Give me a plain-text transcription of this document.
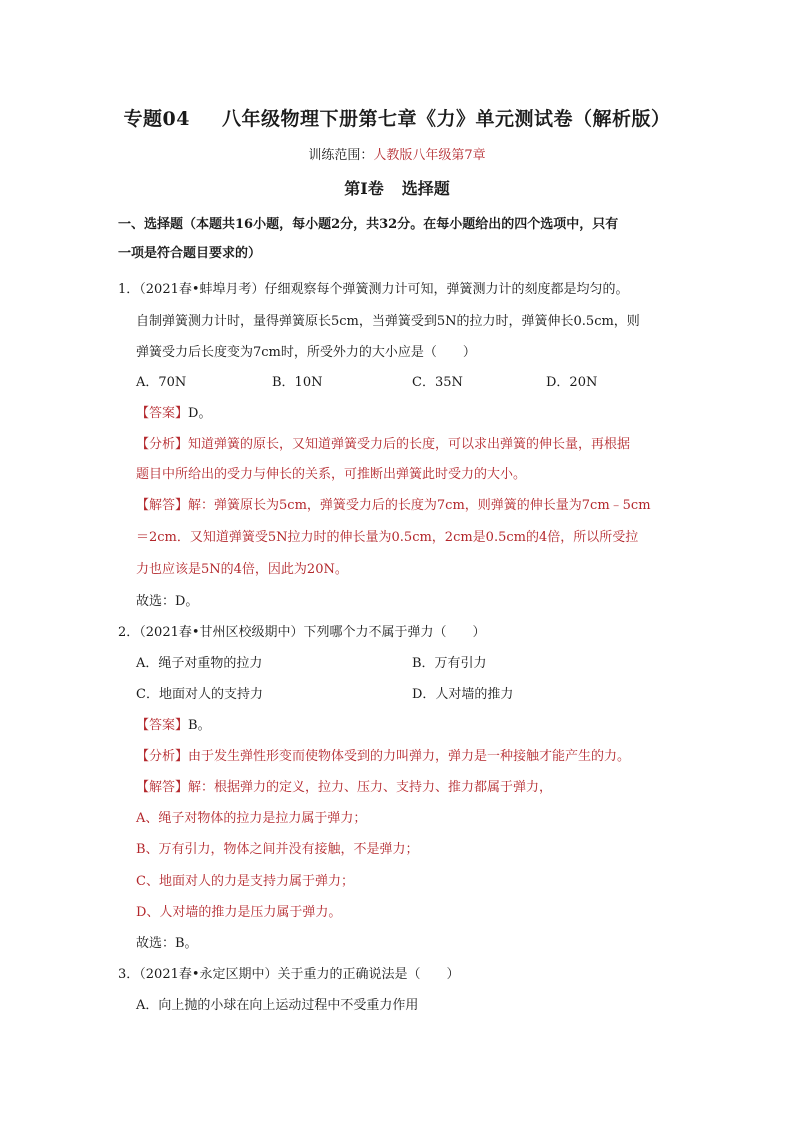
专题04 八年级物理下册第七章《力》单元测试卷（解析版）
训练范围：人教版八年级第7章
第Ⅰ卷 选择题
一、选择题（本题共16小题，每小题2分，共32分。在每小题给出的四个选项中，只有
一项是符合题目要求的）
1．（2021春•蚌埠月考）仔细观察每个弹簧测力计可知，弹簧测力计的刻度都是均匀的。
自制弹簧测力计时，量得弹簧原长5cm，当弹簧受到5N的拉力时，弹簧伸长0.5cm，则
弹簧受力后长度变为7cm时，所受外力的大小应是（　　）
A．70N	B．10N	C．35N	D．20N
【答案】D。
【分析】知道弹簧的原长，又知道弹簧受力后的长度，可以求出弹簧的伸长量，再根据
题目中所给出的受力与伸长的关系，可推断出弹簧此时受力的大小。
【解答】解：弹簧原长为5cm，弹簧受力后的长度为7cm，则弹簧的伸长量为7cm﹣5cm
＝2cm．又知道弹簧受5N拉力时的伸长量为0.5cm，2cm是0.5cm的4倍，所以所受拉
力也应该是5N的4倍，因此为20N。
故选：D。
2．（2021春•甘州区校级期中）下列哪个力不属于弹力（　　）
A．绳子对重物的拉力	B．万有引力
C．地面对人的支持力	D．人对墙的推力
【答案】B。
【分析】由于发生弹性形变而使物体受到的力叫弹力，弹力是一种接触才能产生的力。
【解答】解：根据弹力的定义，拉力、压力、支持力、推力都属于弹力，
A、绳子对物体的拉力是拉力属于弹力；
B、万有引力，物体之间并没有接触，不是弹力；
C、地面对人的力是支持力属于弹力；
D、人对墙的推力是压力属于弹力。
故选：B。
3．（2021春•永定区期中）关于重力的正确说法是（　　）
A．向上抛的小球在向上运动过程中不受重力作用
